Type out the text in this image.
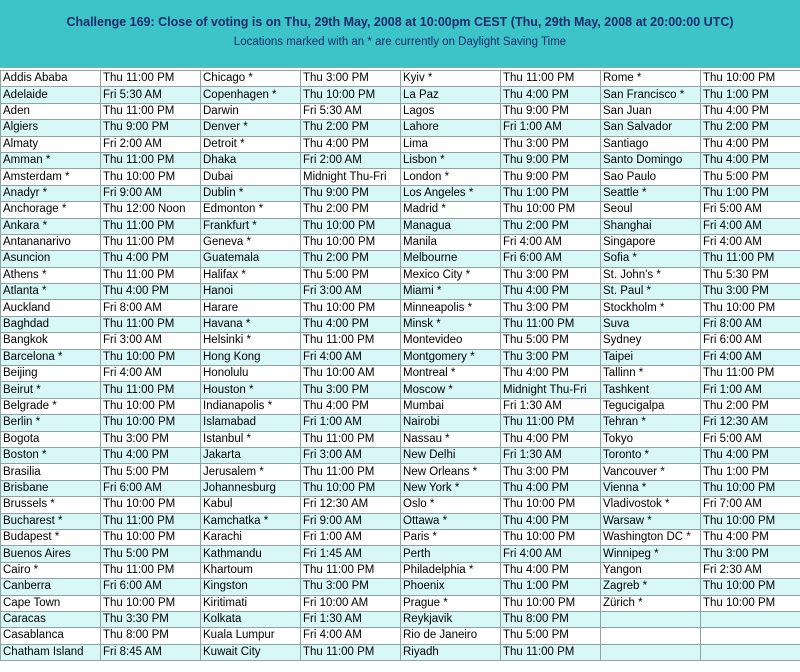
Challenge 169: Close of voting is on Thu, 29th May, 2008 at 10:00pm CEST (Thu, 29th May, 2008 at 20:00:00 UTC)
Locations marked with an * are currently on Daylight Saving Time
Addis Ababa	Thu 11:00 PM	Chicago *	Thu 3:00 PM	Kyiv *	Thu 11:00 PM	Rome *	Thu 10:00 PM
Adelaide	Fri 5:30 AM	Copenhagen *	Thu 10:00 PM	La Paz	Thu 4:00 PM	San Francisco *	Thu 1:00 PM
Aden	Thu 11:00 PM	Darwin	Fri 5:30 AM	Lagos	Thu 9:00 PM	San Juan	Thu 4:00 PM
Algiers	Thu 9:00 PM	Denver *	Thu 2:00 PM	Lahore	Fri 1:00 AM	San Salvador	Thu 2:00 PM
Almaty	Fri 2:00 AM	Detroit *	Thu 4:00 PM	Lima	Thu 3:00 PM	Santiago	Thu 4:00 PM
Amman *	Thu 11:00 PM	Dhaka	Fri 2:00 AM	Lisbon *	Thu 9:00 PM	Santo Domingo	Thu 4:00 PM
Amsterdam *	Thu 10:00 PM	Dubai	Midnight Thu-Fri	London *	Thu 9:00 PM	Sao Paulo	Thu 5:00 PM
Anadyr *	Fri 9:00 AM	Dublin *	Thu 9:00 PM	Los Angeles *	Thu 1:00 PM	Seattle *	Thu 1:00 PM
Anchorage *	Thu 12:00 Noon	Edmonton *	Thu 2:00 PM	Madrid *	Thu 10:00 PM	Seoul	Fri 5:00 AM
Ankara *	Thu 11:00 PM	Frankfurt *	Thu 10:00 PM	Managua	Thu 2:00 PM	Shanghai	Fri 4:00 AM
Antananarivo	Thu 11:00 PM	Geneva *	Thu 10:00 PM	Manila	Fri 4:00 AM	Singapore	Fri 4:00 AM
Asuncion	Thu 4:00 PM	Guatemala	Thu 2:00 PM	Melbourne	Fri 6:00 AM	Sofia *	Thu 11:00 PM
Athens *	Thu 11:00 PM	Halifax *	Thu 5:00 PM	Mexico City *	Thu 3:00 PM	St. John's *	Thu 5:30 PM
Atlanta *	Thu 4:00 PM	Hanoi	Fri 3:00 AM	Miami *	Thu 4:00 PM	St. Paul *	Thu 3:00 PM
Auckland	Fri 8:00 AM	Harare	Thu 10:00 PM	Minneapolis *	Thu 3:00 PM	Stockholm *	Thu 10:00 PM
Baghdad	Thu 11:00 PM	Havana *	Thu 4:00 PM	Minsk *	Thu 11:00 PM	Suva	Fri 8:00 AM
Bangkok	Fri 3:00 AM	Helsinki *	Thu 11:00 PM	Montevideo	Thu 5:00 PM	Sydney	Fri 6:00 AM
Barcelona *	Thu 10:00 PM	Hong Kong	Fri 4:00 AM	Montgomery *	Thu 3:00 PM	Taipei	Fri 4:00 AM
Beijing	Fri 4:00 AM	Honolulu	Thu 10:00 AM	Montreal *	Thu 4:00 PM	Tallinn *	Thu 11:00 PM
Beirut *	Thu 11:00 PM	Houston *	Thu 3:00 PM	Moscow *	Midnight Thu-Fri	Tashkent	Fri 1:00 AM
Belgrade *	Thu 10:00 PM	Indianapolis *	Thu 4:00 PM	Mumbai	Fri 1:30 AM	Tegucigalpa	Thu 2:00 PM
Berlin *	Thu 10:00 PM	Islamabad	Fri 1:00 AM	Nairobi	Thu 11:00 PM	Tehran *	Fri 12:30 AM
Bogota	Thu 3:00 PM	Istanbul *	Thu 11:00 PM	Nassau *	Thu 4:00 PM	Tokyo	Fri 5:00 AM
Boston *	Thu 4:00 PM	Jakarta	Fri 3:00 AM	New Delhi	Fri 1:30 AM	Toronto *	Thu 4:00 PM
Brasilia	Thu 5:00 PM	Jerusalem *	Thu 11:00 PM	New Orleans *	Thu 3:00 PM	Vancouver *	Thu 1:00 PM
Brisbane	Fri 6:00 AM	Johannesburg	Thu 10:00 PM	New York *	Thu 4:00 PM	Vienna *	Thu 10:00 PM
Brussels *	Thu 10:00 PM	Kabul	Fri 12:30 AM	Oslo *	Thu 10:00 PM	Vladivostok *	Fri 7:00 AM
Bucharest *	Thu 11:00 PM	Kamchatka *	Fri 9:00 AM	Ottawa *	Thu 4:00 PM	Warsaw *	Thu 10:00 PM
Budapest *	Thu 10:00 PM	Karachi	Fri 1:00 AM	Paris *	Thu 10:00 PM	Washington DC *	Thu 4:00 PM
Buenos Aires	Thu 5:00 PM	Kathmandu	Fri 1:45 AM	Perth	Fri 4:00 AM	Winnipeg *	Thu 3:00 PM
Cairo *	Thu 11:00 PM	Khartoum	Thu 11:00 PM	Philadelphia *	Thu 4:00 PM	Yangon	Fri 2:30 AM
Canberra	Fri 6:00 AM	Kingston	Thu 3:00 PM	Phoenix	Thu 1:00 PM	Zagreb *	Thu 10:00 PM
Cape Town	Thu 10:00 PM	Kiritimati	Fri 10:00 AM	Prague *	Thu 10:00 PM	Zürich *	Thu 10:00 PM
Caracas	Thu 3:30 PM	Kolkata	Fri 1:30 AM	Reykjavik	Thu 8:00 PM		
Casablanca	Thu 8:00 PM	Kuala Lumpur	Fri 4:00 AM	Rio de Janeiro	Thu 5:00 PM		
Chatham Island	Fri 8:45 AM	Kuwait City	Thu 11:00 PM	Riyadh	Thu 11:00 PM		
